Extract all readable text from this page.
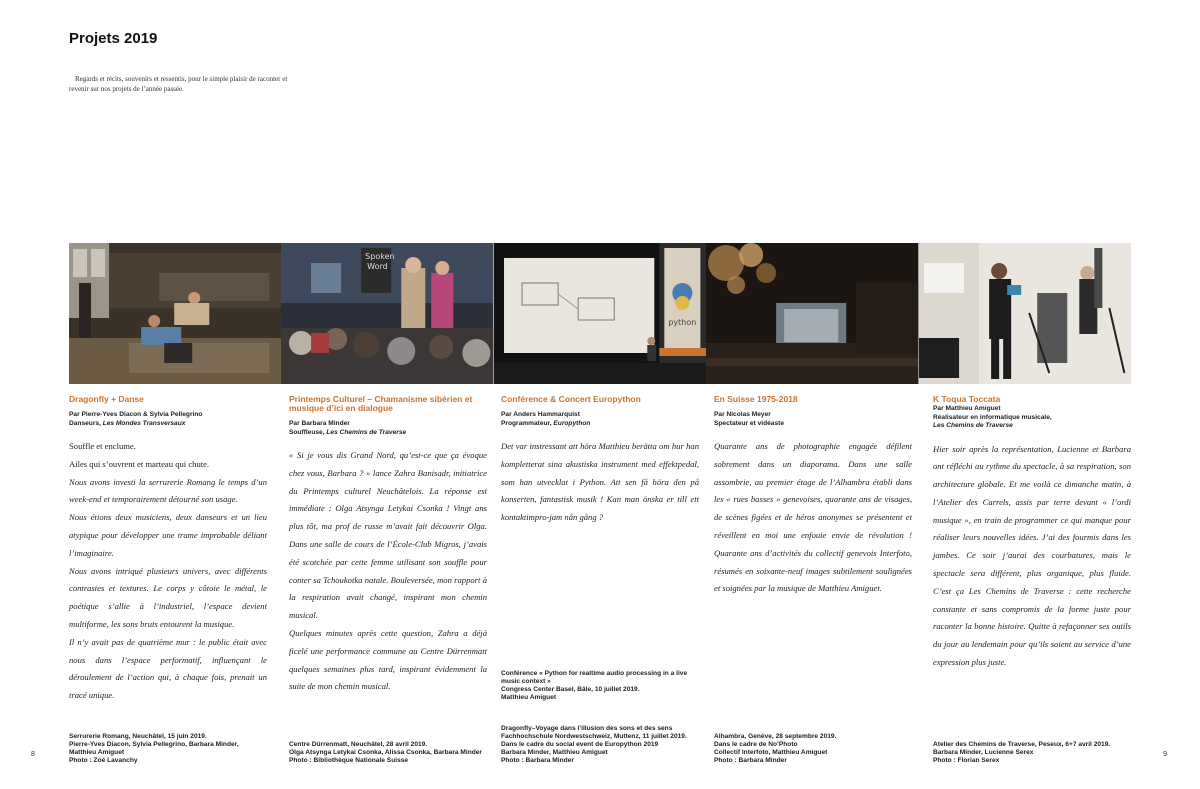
Projets 2019
Regards et récits, souvenirs et ressentis, pour le simple plaisir de raconter et revenir sur nos projets de l’année passée.
Spoken
Word
python
Dragonfly + Danse
Par Pierre-Yves Diacon & Sylvia Pellegrino
Danseurs, Les Mondes Transversaux

Souffle et enclume.

Ailes qui s’ouvrent et marteau qui chute.

Nous avons investi la serrurerie Romang le temps d’un week-end et temporairement détourné son usage.

Nous étions deux musiciens, deux danseurs et un lieu atypique pour développer une trame improbable déliant l’imaginaire.

Nous avons intriqué plusieurs univers, avec différents contrastes et textures. Le corps y côtoie le métal, le poétique s’allie à l’industriel, l’espace devient multiforme, les sons bruts entourent la musique.

Il n’y avait pas de quatrième mur : le public était avec nous dans l’espace performatif, influençant le déroulement de l’action qui, à chaque fois, prenait un tracé unique.

Serrurerie Romang, Neuchâtel, 15 juin 2019.
Pierre-Yves Diacon, Sylvia Pellegrino, Barbara Minder, Matthieu Amiguet
Photo : Zoé Lavanchy
Printemps Culturel – Chamanisme sibérien et musique d’ici en dialogue
Par Barbara Minder
Souffleuse, Les Chemins de Traverse

« Si je vous dis Grand Nord, qu’est-ce que ça évoque chez vous, Barbara ? » lance Zahra Banisadr, initiatrice du Printemps culturel Neuchâtelois. La réponse est immédiate : Olga Atsynga Letykai Csonka ! Vingt ans plus tôt, ma prof de russe m’avait fait découvrir Olga. Dans une salle de cours de l’École-Club Migros, j’avais été scotchée par cette femme utilisant son souffle pour conter sa Tchoukotka natale. Bouleversée, mon rapport à la respiration avait changé, inspirant mon chemin musical.

Quelques minutes après cette question, Zahra a déjà ficelé une performance commune au Centre Dürrenmatt quelques semaines plus tard, inspirant évidemment la suite de mon chemin musical.

Centre Dürrenmatt, Neuchâtel, 28 avril 2019.
Olga Atsynga Letykai Csonka, Alissa Csonka, Barbara Minder
Photo : Bibliothèque Nationale Suisse
Conférence & Concert Europython
Par Anders Hammarquist
Programmateur, Europython

Det var instressant att höra Matthieu berätta om hur han kompletterat sina akustiska instrument med effektpedal, som han utvecklat i Python. Att sen få höra den på konserten, fantastisk musik ! Kan man önska er till ett kontaktimpro-jam nån gång ?

Conférence « Python for realtime audio processing in a live music context »
Congress Center Basel, Bâle, 10 juillet 2019.
Matthieu Amiguet
Dragonfly–Voyage dans l’illusion des sons et des sens
Fachhochschule Nordwestschweiz, Muttenz, 11 juillet 2019.
Dans le cadre du social event de Europython 2019
Barbara Minder, Matthieu Amiguet
Photo : Barbara Minder
En Suisse 1975-2018
Par Nicolas Meyer
Spectateur et vidéaste

Quarante ans de photographie engagée défilent sobrement dans un diaporama. Dans une salle assombrie, au premier étage de l’Alhambra établi dans les « rues basses » genevoises, quarante ans de visages, de scènes figées et de héros anonymes se présentent et réveillent en moi une enfouie envie de révolution ! Quarante ans d’activités du collectif genevois Interfoto, résumés en soixante-neuf images subtilement soulignées et soignées par la musique de Matthieu Amiguet.

Alhambra, Genève, 28 septembre 2019.
Dans le cadre de No’Photo
Collectif Interfoto, Matthieu Amiguet
Photo : Barbara Minder
K Toqua Toccata
Par Matthieu Amiguet
Réalisateur en informatique musicale,
Les Chemins de Traverse

Hier soir après la représentation, Lucienne et Barbara ont réfléchi au rythme du spectacle, à sa respiration, son architecture globale. Et me voilà ce dimanche matin, à l’Atelier des Carrels, assis par terre devant « l’ordi musique », en train de programmer ce qui manque pour réaliser leurs nouvelles idées. J’ai des fourmis dans les jambes. Ce soir j’aurai des courbatures, mais le spectacle sera différent, plus organique, plus fluide. C’est ça Les Chemins de Traverse : cette recherche constante et sans compromis de la forme juste pour raconter la bonne histoire. Quitte à refaçonner ses outils du jour au lendemain pour qu’ils soient au service d’une expression plus juste.

Atelier des Chemins de Traverse, Peseux, 6+7 avril 2019.
Barbara Minder, Lucienne Serex
Photo : Florian Serex
8	9
